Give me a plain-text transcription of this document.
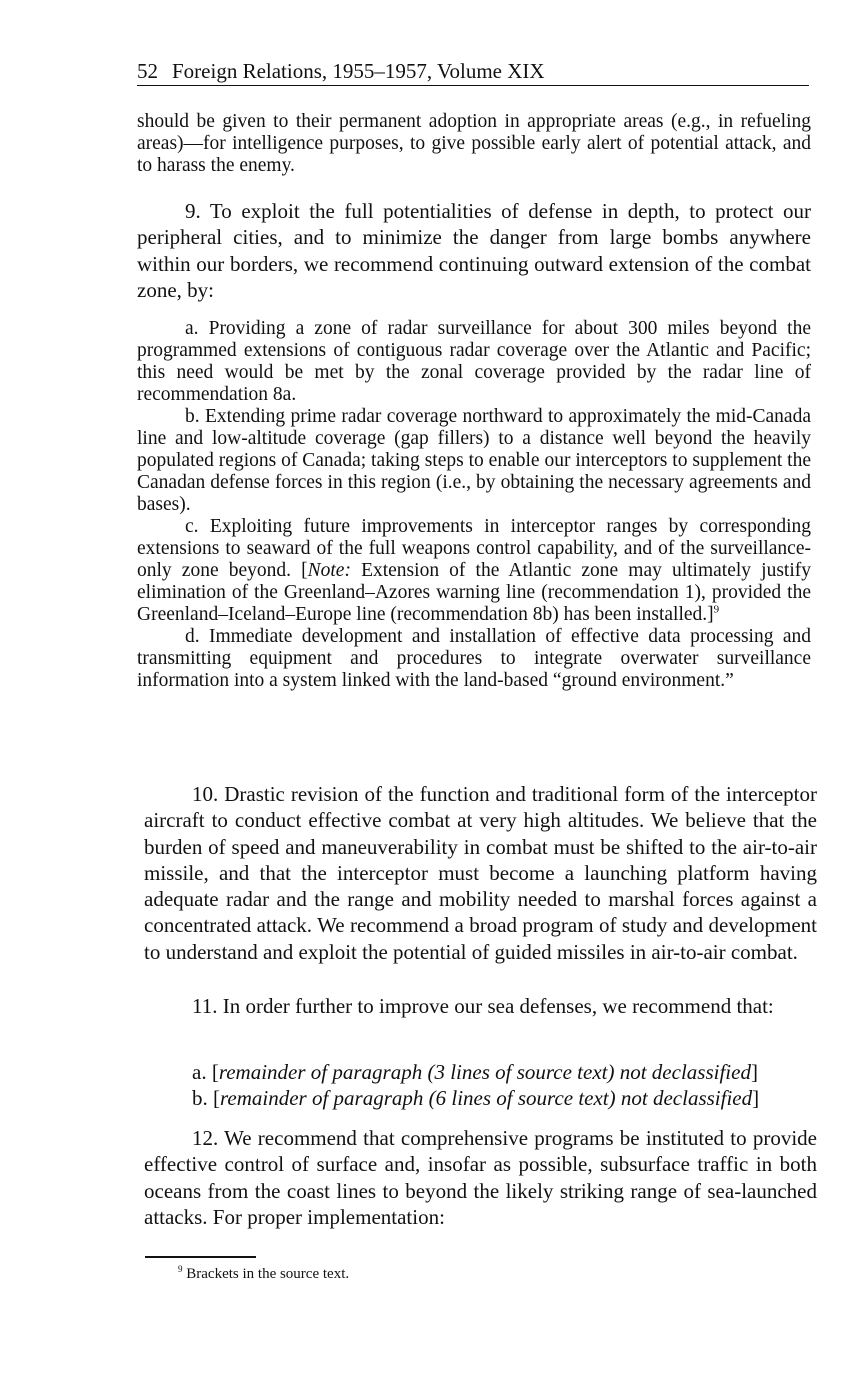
52 Foreign Relations, 1955–1957, Volume XIX

should be given to their permanent adoption in appropriate areas (e.g., in refueling areas)—for intelligence purposes, to give possible early alert of potential attack, and to harass the enemy.

9. To exploit the full potentialities of defense in depth, to protect our peripheral cities, and to minimize the danger from large bombs anywhere within our borders, we recommend continuing outward extension of the combat zone, by:

a. Providing a zone of radar surveillance for about 300 miles beyond the programmed extensions of contiguous radar coverage over the Atlantic and Pacific; this need would be met by the zonal coverage provided by the radar line of recommendation 8a.

b. Extending prime radar coverage northward to approximately the mid-Canada line and low-altitude coverage (gap fillers) to a distance well beyond the heavily populated regions of Canada; taking steps to enable our interceptors to supplement the Canadan defense forces in this region (i.e., by obtaining the necessary agreements and bases).

c. Exploiting future improvements in interceptor ranges by corresponding extensions to seaward of the full weapons control capability, and of the surveillance-only zone beyond. [Note: Extension of the Atlantic zone may ultimately justify elimination of the Greenland–Azores warning line (recommendation 1), provided the Greenland–Iceland–Europe line (recommendation 8b) has been installed.]$^9$

d. Immediate development and installation of effective data processing and transmitting equipment and procedures to integrate overwater surveillance information into a system linked with the land-based “ground environment.”

10. Drastic revision of the function and traditional form of the interceptor aircraft to conduct effective combat at very high altitudes. We believe that the burden of speed and maneuverability in combat must be shifted to the air-to-air missile, and that the interceptor must become a launching platform having adequate radar and the range and mobility needed to marshal forces against a concentrated attack. We recommend a broad program of study and development to understand and exploit the potential of guided missiles in air-to-air combat.

11. In order further to improve our sea defenses, we recommend that:

a. [remainder of paragraph (3 lines of source text) not declassified]

b. [remainder of paragraph (6 lines of source text) not declassified]

12. We recommend that comprehensive programs be instituted to provide effective control of surface and, insofar as possible, subsurface traffic in both oceans from the coast lines to beyond the likely striking range of sea-launched attacks. For proper implementation:

$^9$ Brackets in the source text.
